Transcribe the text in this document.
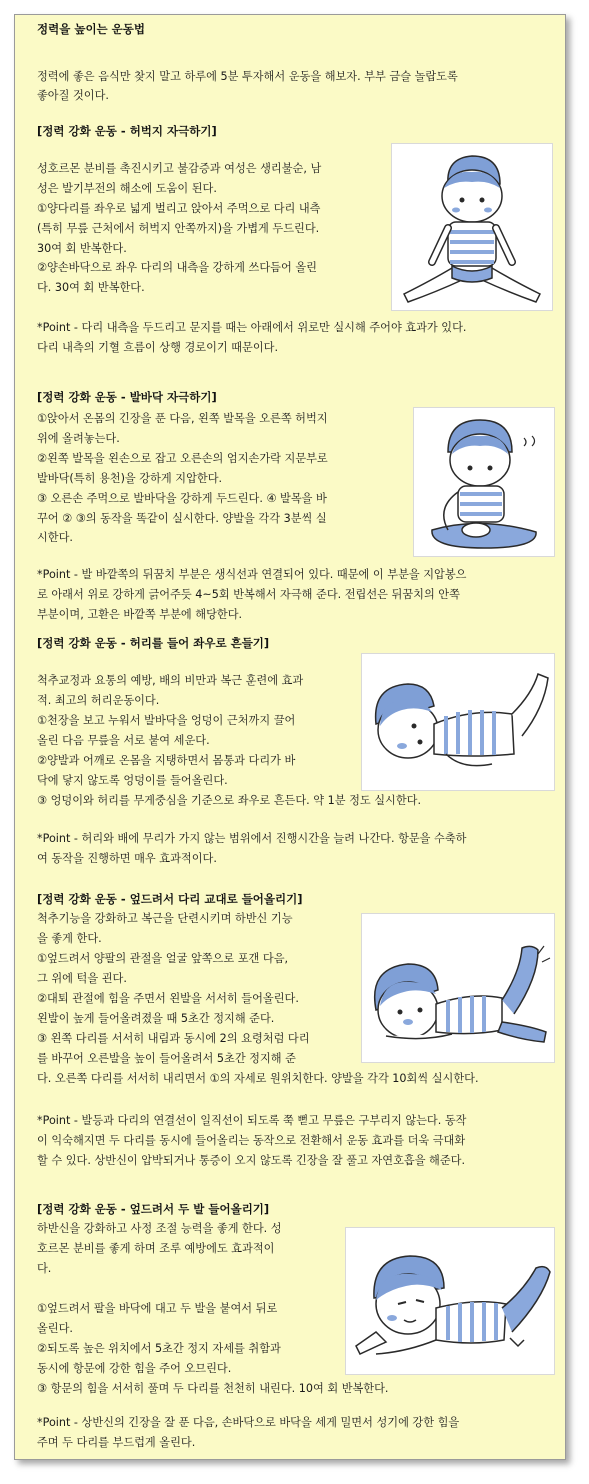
정력을 높이는 운동법
정력에 좋은 음식만 찾지 말고 하루에 5분 투자해서 운동을 해보자. 부부 금슬 놀랍도록
좋아질 것이다.
[정력 강화 운동 - 허벅지 자극하기]
성호르몬 분비를 촉진시키고 불감증과 여성은 생리불순, 남
성은 발기부전의 해소에 도움이 된다.
①양다리를 좌우로 넓게 벌리고 앉아서 주먹으로 다리 내측
(특히 무릎 근처에서 허벅지 안쪽까지)을 가볍게 두드린다.
30여 회 반복한다.
②양손바닥으로 좌우 다리의 내측을 강하게 쓰다듬어 올린
다. 30여 회 반복한다.
*Point - 다리 내측을 두드리고 문지를 때는 아래에서 위로만 실시해 주어야 효과가 있다.
다리 내측의 기혈 흐름이 상행 경로이기 때문이다.
[정력 강화 운동 - 발바닥 자극하기]
①앉아서 온몸의 긴장을 푼 다음, 왼쪽 발목을 오른쪽 허벅지
위에 올려놓는다.
②왼쪽 발목을 왼손으로 잡고 오른손의 엄지손가락 지문부로
발바닥(특히 용천)을 강하게 지압한다.
③ 오른손 주먹으로 발바닥을 강하게 두드린다. ④ 발목을 바
꾸어 ② ③의 동작을 똑같이 실시한다. 양발을 각각 3분씩 실
시한다.
*Point - 발 바깥쪽의 뒤꿈치 부분은 생식선과 연결되어 있다. 때문에 이 부분을 지압봉으
로 아래서 위로 강하게 긁어주듯 4~5회 반복해서 자극해 준다. 전립선은 뒤꿈치의 안쪽
부분이며, 고환은 바깥쪽 부분에 해당한다.
[정력 강화 운동 - 허리를 들어 좌우로 흔들기]
척추교정과 요통의 예방, 배의 비만과 복근 훈련에 효과
적. 최고의 허리운동이다.
①천장을 보고 누워서 발바닥을 엉덩이 근처까지 끌어
올린 다음 무릎을 서로 붙여 세운다.
②양발과 어깨로 온몸을 지탱하면서 몸통과 다리가 바
닥에 닿지 않도록 엉덩이를 들어올린다.
③ 엉덩이와 허리를 무게중심을 기준으로 좌우로 흔든다. 약 1분 정도 실시한다.
*Point - 허리와 배에 무리가 가지 않는 범위에서 진행시간을 늘려 나간다. 항문을 수축하
여 동작을 진행하면 매우 효과적이다.
[정력 강화 운동 - 엎드려서 다리 교대로 들어올리기]
척추기능을 강화하고 복근을 단련시키며 하반신 기능
을 좋게 한다.
①엎드려서 양팔의 관절을 얼굴 앞쪽으로 포갠 다음,
그 위에 턱을 괸다.
②대퇴 관절에 힘을 주면서 왼발을 서서히 들어올린다.
왼발이 높게 들어올려졌을 때 5초간 정지해 준다.
③ 왼쪽 다리를 서서히 내림과 동시에 2의 요령처럼 다리
를 바꾸어 오른발을 높이 들어올려서 5초간 정지해 준
다. 오른쪽 다리를 서서히 내리면서 ①의 자세로 원위치한다. 양발을 각각 10회씩 실시한다.
*Point - 발등과 다리의 연결선이 일직선이 되도록 쭉 뻗고 무릎은 구부리지 않는다. 동작
이 익숙해지면 두 다리를 동시에 들어올리는 동작으로 전환해서 운동 효과를 더욱 극대화
할 수 있다. 상반신이 압박되거나 통증이 오지 않도록 긴장을 잘 풀고 자연호흡을 해준다.
[정력 강화 운동 - 엎드려서 두 발 들어올리기]
하반신을 강화하고 사정 조절 능력을 좋게 한다. 성
호르몬 분비를 좋게 하며 조루 예방에도 효과적이
다.
①엎드려서 팔을 바닥에 대고 두 발을 붙여서 뒤로
올린다.
②되도록 높은 위치에서 5초간 정지 자세를 취함과
동시에 항문에 강한 힘을 주어 오므린다.
③ 항문의 힘을 서서히 풀며 두 다리를 천천히 내린다. 10여 회 반복한다.
*Point - 상반신의 긴장을 잘 푼 다음, 손바닥으로 바닥을 세게 밀면서 성기에 강한 힘을
주며 두 다리를 부드럽게 올린다.
